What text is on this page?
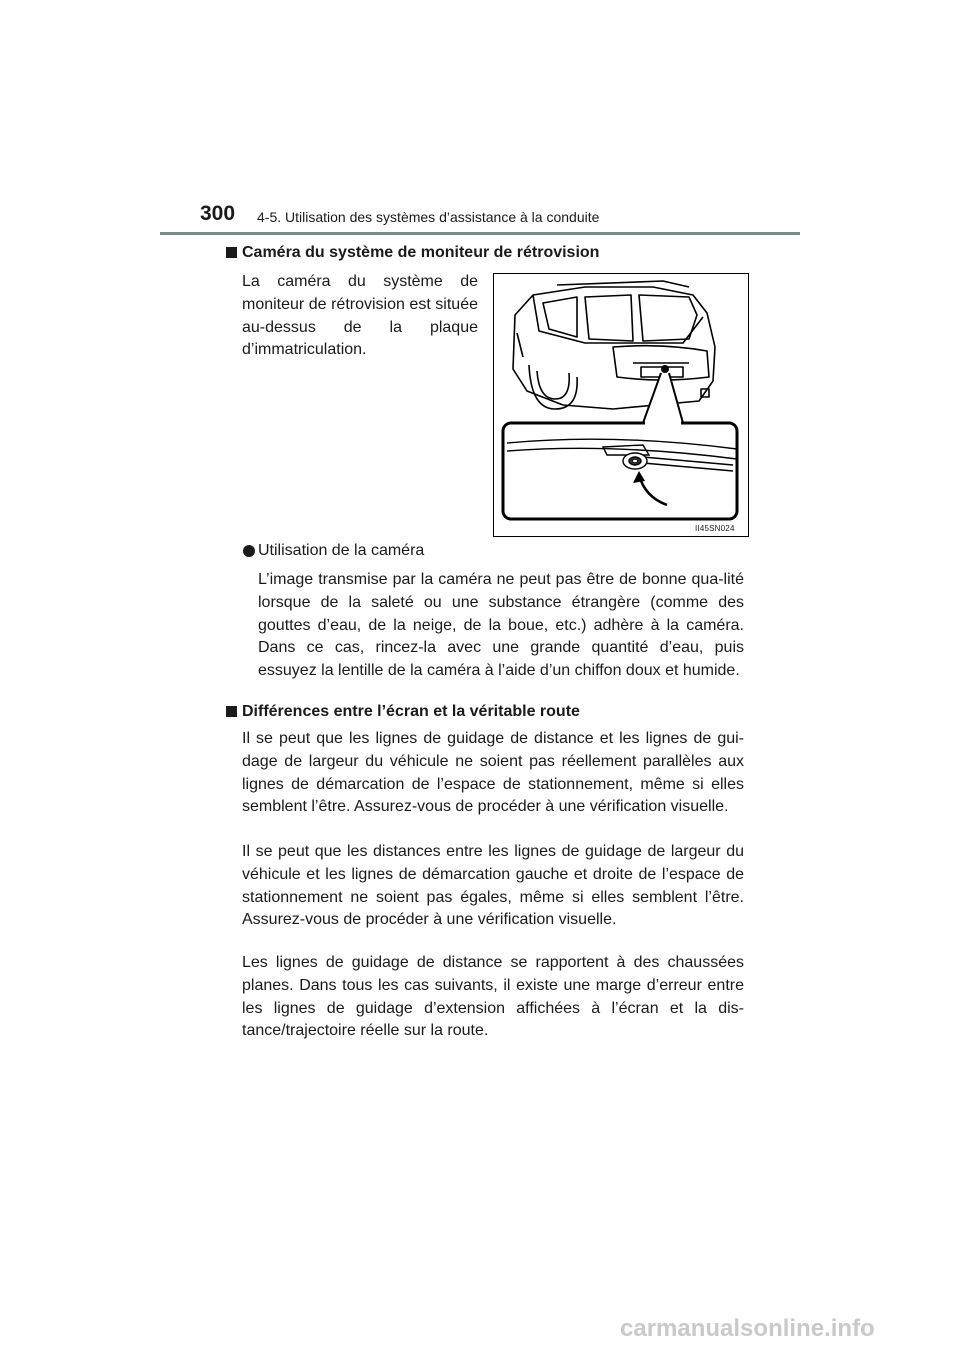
300 4-5. Utilisation des systèmes d’assistance à la conduite
Caméra du système de moniteur de rétrovision
La caméra du système de moniteur de rétrovision est située au-dessus de la plaque d’immatriculation.
II45SN024
Utilisation de la caméra
L’image transmise par la caméra ne peut pas être de bonne qua-lité lorsque de la saleté ou une substance étrangère (comme des gouttes d’eau, de la neige, de la boue, etc.) adhère à la caméra. Dans ce cas, rincez-la avec une grande quantité d’eau, puis essuyez la lentille de la caméra à l’aide d’un chiffon doux et humide.
Différences entre l’écran et la véritable route
Il se peut que les lignes de guidage de distance et les lignes de gui-dage de largeur du véhicule ne soient pas réellement parallèles aux lignes de démarcation de l’espace de stationnement, même si elles semblent l’être. Assurez-vous de procéder à une vérification visuelle.
Il se peut que les distances entre les lignes de guidage de largeur du véhicule et les lignes de démarcation gauche et droite de l’espace de stationnement ne soient pas égales, même si elles semblent l’être. Assurez-vous de procéder à une vérification visuelle.
Les lignes de guidage de distance se rapportent à des chaussées planes. Dans tous les cas suivants, il existe une marge d’erreur entre les lignes de guidage d’extension affichées à l’écran et la dis-tance/trajectoire réelle sur la route.
carmanualsonline.info
